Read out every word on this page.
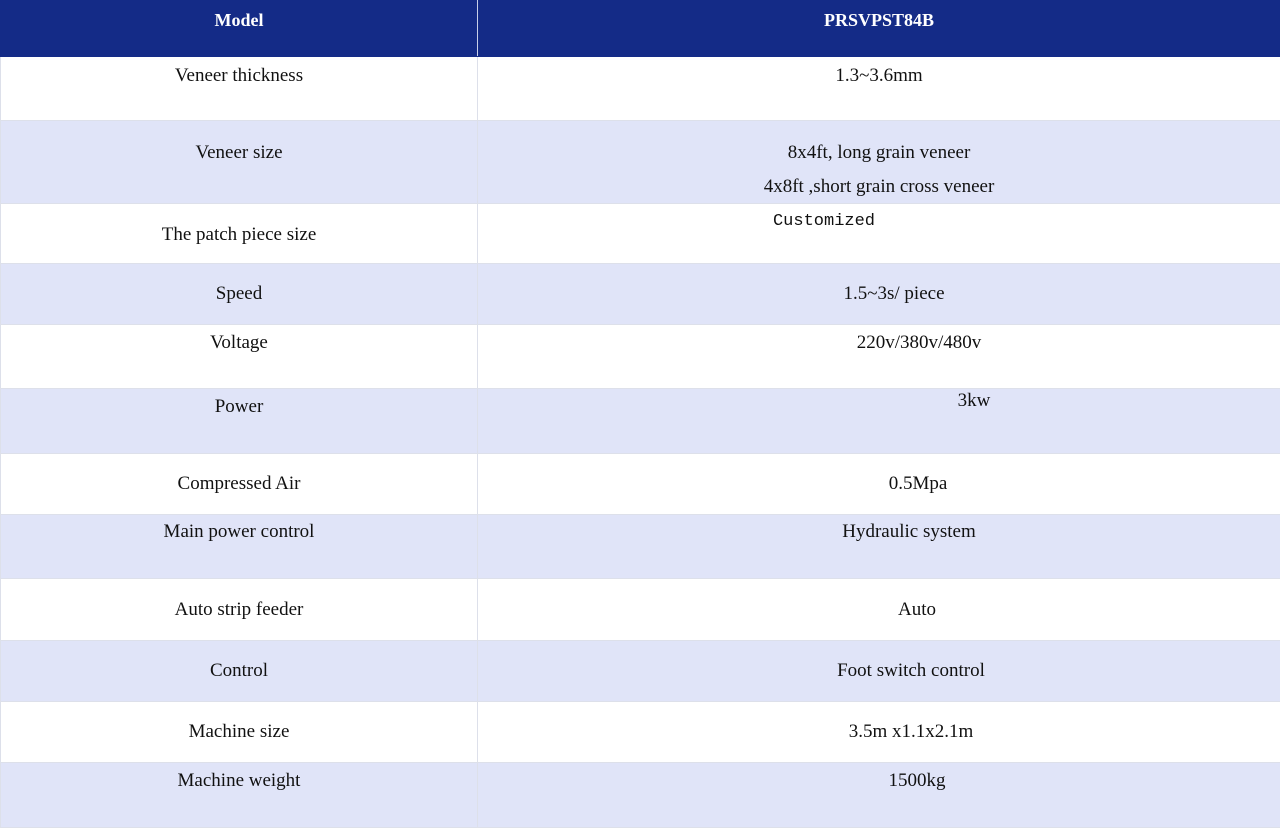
Model	PRSVPST84B

Veneer thickness	1.3~3.6mm

Veneer size	8x4ft, long grain veneer
4x8ft ,short grain cross veneer

The patch piece size	Customized

Speed	1.5~3s/ piece

Voltage	220v/380v/480v

Power	3kw

Compressed Air	0.5Mpa

Main power control	Hydraulic system

Auto strip feeder	Auto

Control	Foot switch control

Machine size	3.5m x1.1x2.1m

Machine weight	1500kg
